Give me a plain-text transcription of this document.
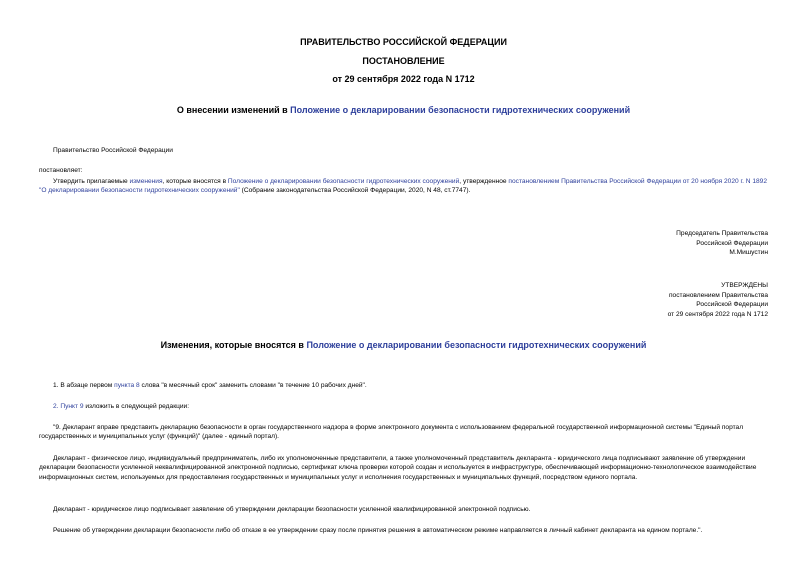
ПРАВИТЕЛЬСТВО РОССИЙСКОЙ ФЕДЕРАЦИИ
ПОСТАНОВЛЕНИЕ
от 29 сентября 2022 года N 1712
О внесении изменений в Положение о декларировании безопасности гидротехнических сооружений
Правительство Российской Федерации
постановляет:
Утвердить прилагаемые изменения, которые вносятся в Положение о декларировании безопасности гидротехнических сооружений, утвержденное постановлением Правительства Российской Федерации от 20 ноября 2020 г. N 1892 "О декларировании безопасности гидротехнических сооружений" (Собрание законодательства Российской Федерации, 2020, N 48, ст.7747).
Председатель Правительства
Российской Федерации
М.Мишустин
УТВЕРЖДЕНЫ
постановлением Правительства
Российской Федерации
от 29 сентября 2022 года N 1712
Изменения, которые вносятся в Положение о декларировании безопасности гидротехнических сооружений
1. В абзаце первом пункта 8 слова "в месячный срок" заменить словами "в течение 10 рабочих дней".
2. Пункт 9 изложить в следующей редакции:
"9. Декларант вправе представить декларацию безопасности в орган государственного надзора в форме электронного документа с использованием федеральной государственной информационной системы "Единый портал государственных и муниципальных услуг (функций)" (далее - единый портал).
Декларант - физическое лицо, индивидуальный предприниматель, либо их уполномоченные представители, а также уполномоченный представитель декларанта - юридического лица подписывают заявление об утверждении декларации безопасности усиленной неквалифицированной электронной подписью, сертификат ключа проверки которой создан и используется в инфраструктуре, обеспечивающей информационно-технологическое взаимодействие информационных систем, используемых для предоставления государственных и муниципальных услуг и исполнения государственных и муниципальных функций, посредством единого портала.
Декларант - юридическое лицо подписывает заявление об утверждении декларации безопасности усиленной квалифицированной электронной подписью.
Решение об утверждении декларации безопасности либо об отказе в ее утверждении сразу после принятия решения в автоматическом режиме направляется в личный кабинет декларанта на едином портале.".
